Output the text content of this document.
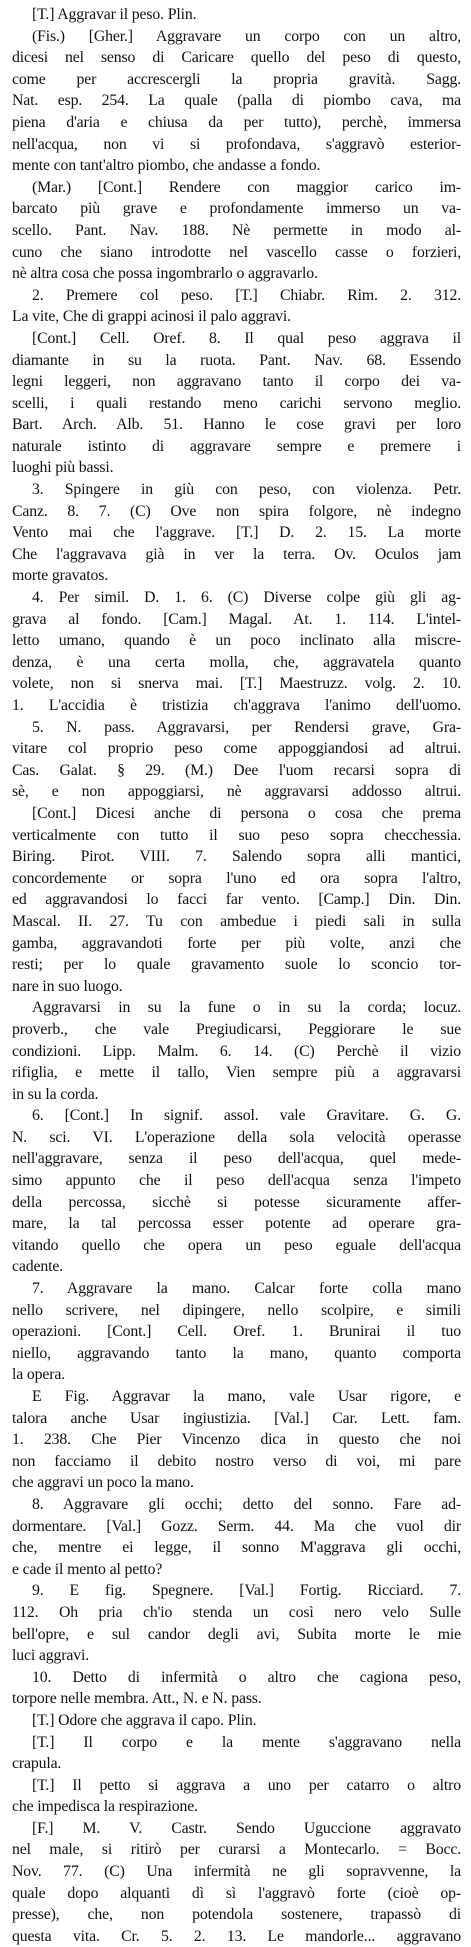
[T.] Aggravar il peso. Plin.
(Fis.) [Gher.] Aggravare un corpo con un altro,
dicesi nel senso di Caricare quello del peso di questo,
come per accrescergli la propria gravità. Sagg.
Nat. esp. 254. La quale (palla di piombo cava, ma
piena d'aria e chiusa da per tutto), perchè, immersa
nell'acqua, non vi si profondava, s'aggravò esterior-
mente con tant'altro piombo, che andasse a fondo.
(Mar.) [Cont.] Rendere con maggior carico im-
barcato più grave e profondamente immerso un va-
scello. Pant. Nav. 188. Nè permette in modo al-
cuno che siano introdotte nel vascello casse o forzieri,
nè altra cosa che possa ingombrarlo o aggravarlo.
2. Premere col peso. [T.] Chiabr. Rim. 2. 312.
La vite, Che di grappi acinosi il palo aggravi.
[Cont.] Cell. Oref. 8. Il qual peso aggrava il
diamante in su la ruota. Pant. Nav. 68. Essendo
legni leggeri, non aggravano tanto il corpo dei va-
scelli, i quali restando meno carichi servono meglio.
Bart. Arch. Alb. 51. Hanno le cose gravi per loro
naturale istinto di aggravare sempre e premere i
luoghi più bassi.
3. Spingere in giù con peso, con violenza. Petr.
Canz. 8. 7. (C) Ove non spira folgore, nè indegno
Vento mai che l'aggrave. [T.] D. 2. 15. La morte
Che l'aggravava già in ver la terra. Ov. Oculos jam
morte gravatos.
4. Per simil. D. 1. 6. (C) Diverse colpe giù gli ag-
grava al fondo. [Cam.] Magal. At. 1. 114. L'intel-
letto umano, quando è un poco inclinato alla miscre-
denza, è una certa molla, che, aggravatela quanto
volete, non si snerva mai. [T.] Maestruzz. volg. 2. 10.
1. L'accidia è tristizia ch'aggrava l'animo dell'uomo.
5. N. pass. Aggravarsi, per Rendersi grave, Gra-
vitare col proprio peso come appoggiandosi ad altrui.
Cas. Galat. § 29. (M.) Dee l'uom recarsi sopra di
sè, e non appoggiarsi, nè aggravarsi addosso altrui.
[Cont.] Dicesi anche di persona o cosa che prema
verticalmente con tutto il suo peso sopra checchessia.
Biring. Pirot. VIII. 7. Salendo sopra alli mantici,
concordemente or sopra l'uno ed ora sopra l'altro,
ed aggravandosi lo facci far vento. [Camp.] Din. Din.
Mascal. II. 27. Tu con ambedue i piedi sali in sulla
gamba, aggravandoti forte per più volte, anzi che
resti; per lo quale gravamento suole lo sconcio tor-
nare in suo luogo.
Aggravarsi in su la fune o in su la corda; locuz.
proverb., che vale Pregiudicarsi, Peggiorare le sue
condizioni. Lipp. Malm. 6. 14. (C) Perchè il vizio
rifiglia, e mette il tallo, Vien sempre più a aggravarsi
in su la corda.
6. [Cont.] In signif. assol. vale Gravitare. G. G.
N. sci. VI. L'operazione della sola velocità operasse
nell'aggravare, senza il peso dell'acqua, quel mede-
simo appunto che il peso dell'acqua senza l'impeto
della percossa, sicchè si potesse sicuramente affer-
mare, la tal percossa esser potente ad operare gra-
vitando quello che opera un peso eguale dell'acqua
cadente.
7. Aggravare la mano. Calcar forte colla mano
nello scrivere, nel dipingere, nello scolpire, e simili
operazioni. [Cont.] Cell. Oref. 1. Brunirai il tuo
niello, aggravando tanto la mano, quanto comporta
la opera.
E Fig. Aggravar la mano, vale Usar rigore, e
talora anche Usar ingiustizia. [Val.] Car. Lett. fam.
1. 238. Che Pier Vincenzo dica in questo che noi
non facciamo il debito nostro verso di voi, mi pare
che aggravi un poco la mano.
8. Aggravare gli occhi; detto del sonno. Fare ad-
dormentare. [Val.] Gozz. Serm. 44. Ma che vuol dir
che, mentre ei legge, il sonno M'aggrava gli occhi,
e cade il mento al petto?
9. E fig. Spegnere. [Val.] Fortig. Ricciard. 7.
112. Oh pria ch'io stenda un così nero velo Sulle
bell'opre, e sul candor degli avi, Subita morte le mie
luci aggravi.
10. Detto di infermità o altro che cagiona peso,
torpore nelle membra. Att., N. e N. pass.
[T.] Odore che aggrava il capo. Plin.
[T.] Il corpo e la mente s'aggravano nella
crapula.
[T.] Il petto si aggrava a uno per catarro o altro
che impedisca la respirazione.
[F.] M. V. Castr. Sendo Uguccione aggravato
nel male, si ritirò per curarsi a Montecarlo. = Bocc.
Nov. 77. (C) Una infermità ne gli sopravvenne, la
quale dopo alquanti dì sì l'aggravò forte (cioè op-
presse), che, non potendola sostenere, trapassò di
questa vita. Cr. 5. 2. 13. Le mandorle... aggravano
